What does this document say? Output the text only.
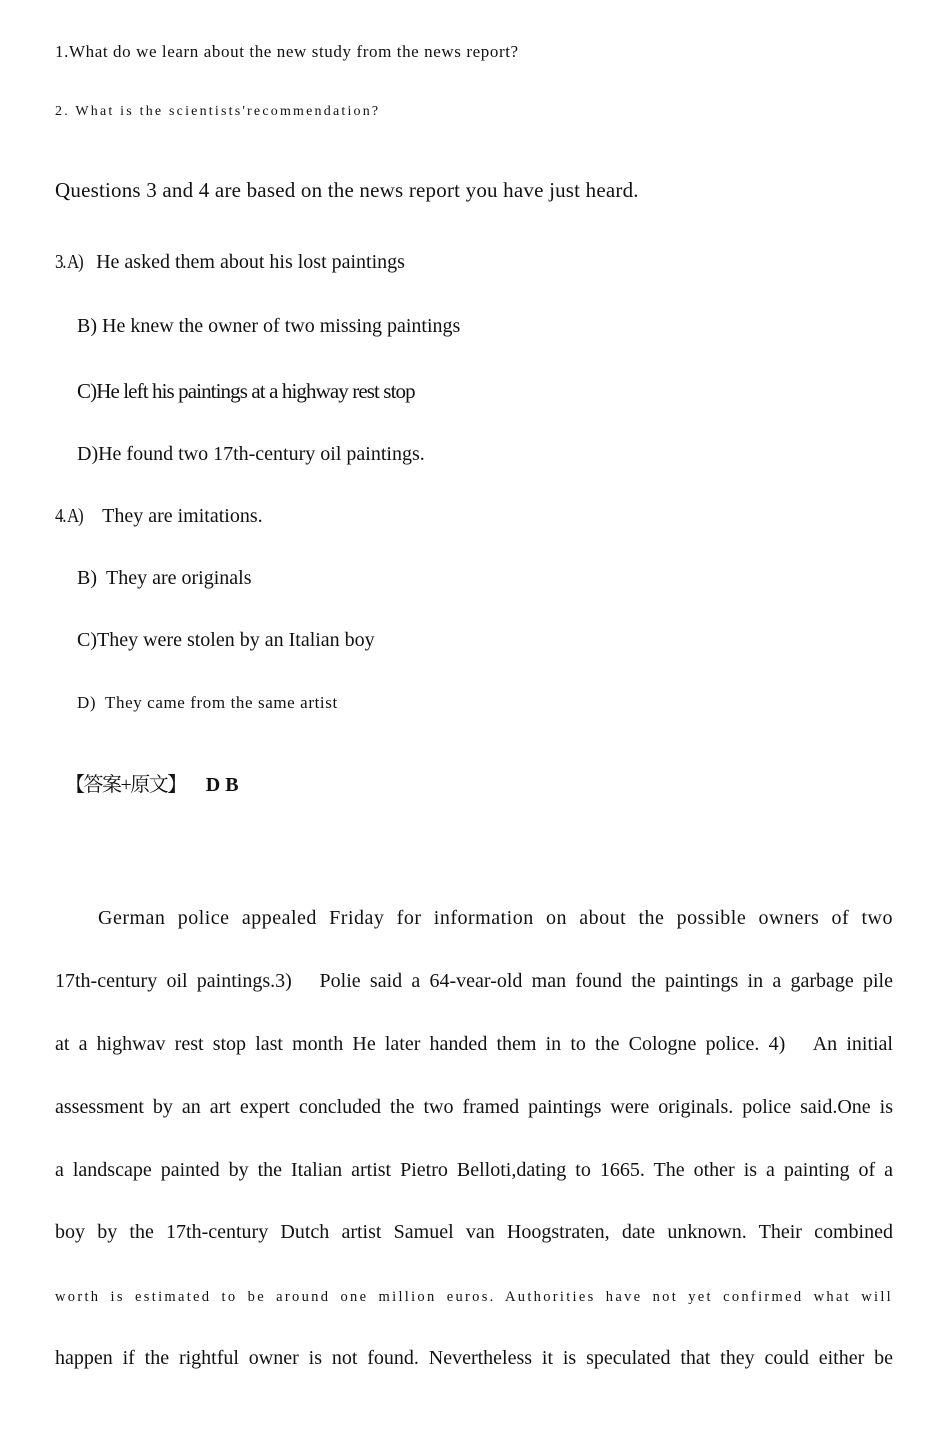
1.What do we learn about the new study from the news report?

2. What is the scientists'recommendation?

Questions 3 and 4 are based on the news report you have just heard.

3.A) He asked them about his lost paintings
B) He knew the owner of two missing paintings
C)He left his paintings at a highway rest stop
D)He found two 17th-century oil paintings.
4.A) They are imitations.
B) They are originals
C)They were stolen by an Italian boy
D) They came from the same artist
【答案+原文】 D B
German police appealed Friday for information on about the possible owners of two
17th-century oil paintings.3)   Polie said a 64-vear-old man found the paintings in a garbage pile
at a highwav rest stop last month He later handed them in to the Cologne police. 4)   An initial
assessment by an art expert concluded the two framed paintings were originals. police said.One is
a landscape painted by the Italian artist Pietro Belloti,dating to 1665. The other is a painting of a
boy by the 17th-century Dutch artist Samuel van Hoogstraten, date unknown. Their combined
worth is estimated to be around one million euros. Authorities have not yet confirmed what will
happen if the rightful owner is not found. Nevertheless it is speculated that they could either be
